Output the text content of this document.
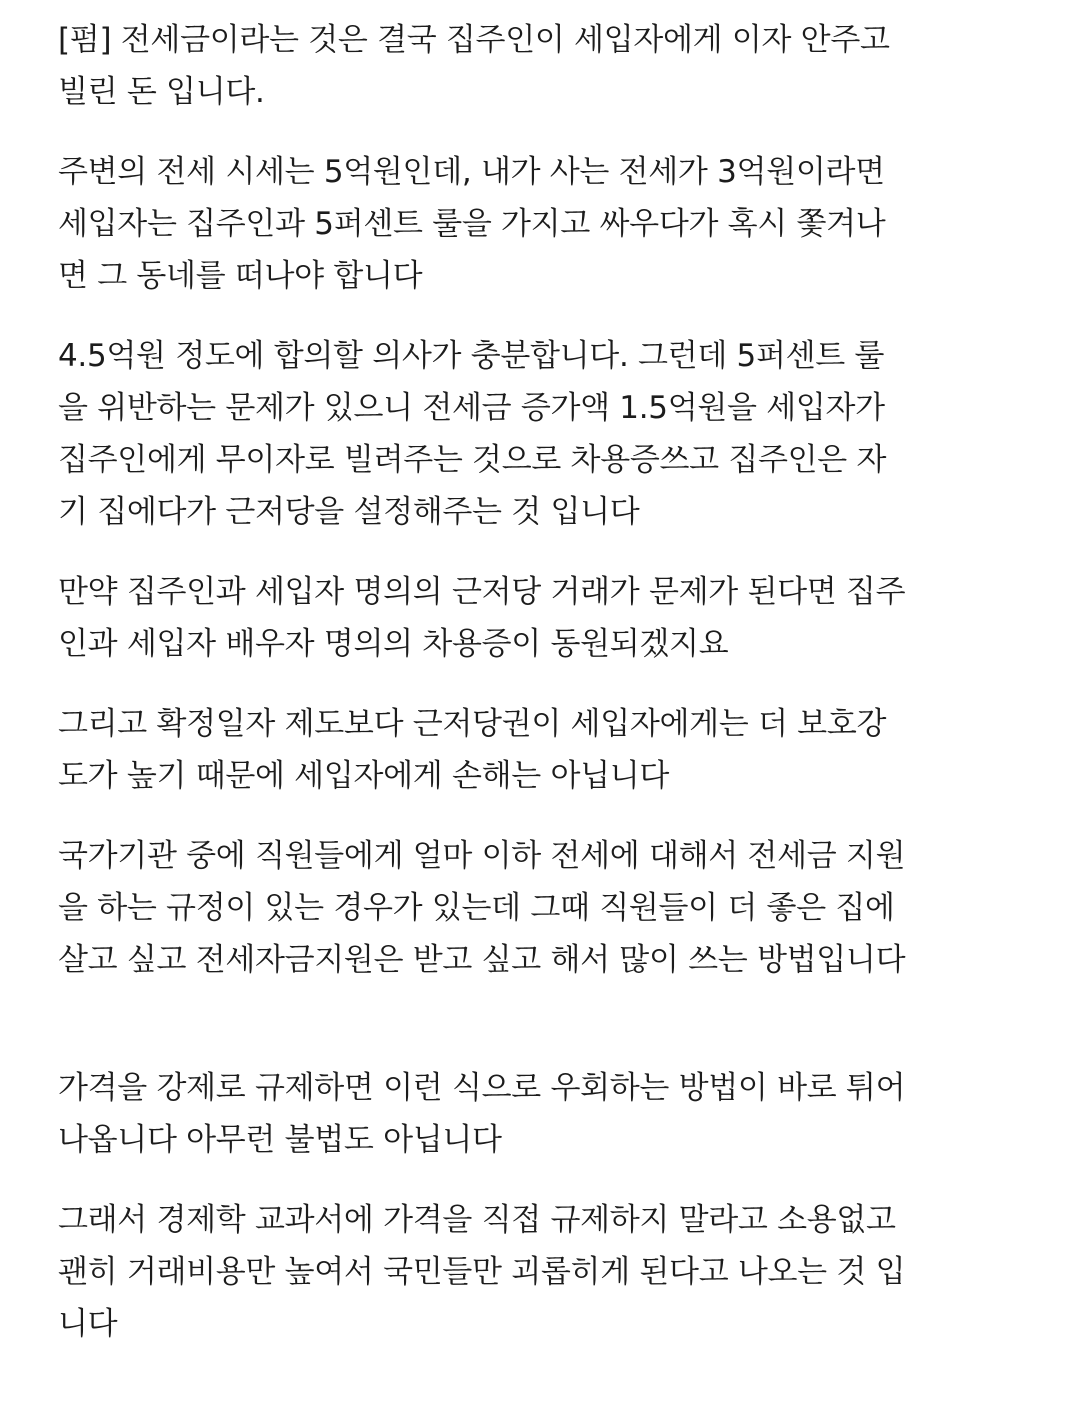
[펌] 전세금이라는 것은 결국 집주인이 세입자에게 이자 안주고
빌린 돈 입니다.

주변의 전세 시세는 5억원인데, 내가 사는 전세가 3억원이라면
세입자는 집주인과 5퍼센트 룰을 가지고 싸우다가 혹시 쫓겨나
면 그 동네를 떠나야 합니다

4.5억원 정도에 합의할 의사가 충분합니다. 그런데 5퍼센트 룰
을 위반하는 문제가 있으니 전세금 증가액 1.5억원을 세입자가
집주인에게 무이자로 빌려주는 것으로 차용증쓰고 집주인은 자
기 집에다가 근저당을 설정해주는 것 입니다

만약 집주인과 세입자 명의의 근저당 거래가 문제가 된다면 집주
인과 세입자 배우자 명의의 차용증이 동원되겠지요

그리고 확정일자 제도보다 근저당권이 세입자에게는 더 보호강
도가 높기 때문에 세입자에게 손해는 아닙니다

국가기관 중에 직원들에게 얼마 이하 전세에 대해서 전세금 지원
을 하는 규정이 있는 경우가 있는데 그때 직원들이 더 좋은 집에
살고 싶고 전세자금지원은 받고 싶고 해서 많이 쓰는 방법입니다

가격을 강제로 규제하면 이런 식으로 우회하는 방법이 바로 튀어
나옵니다 아무런 불법도 아닙니다

그래서 경제학 교과서에 가격을 직접 규제하지 말라고 소용없고
괜히 거래비용만 높여서 국민들만 괴롭히게 된다고 나오는 것 입
니다
